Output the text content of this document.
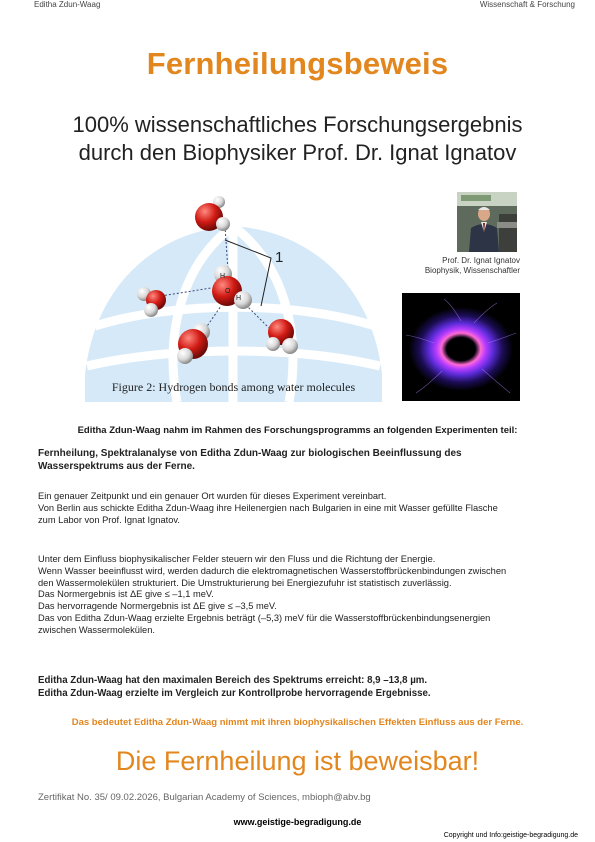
Editha Zdun-Waag	Wissenschaft & Forschung
Fernheilungsbeweis
100% wissenschaftliches Forschungsergebnis
durch den Biophysiker Prof. Dr. Ignat Ignatov
1
H
O
H
Figure 2: Hydrogen bonds among water molecules
Prof. Dr. Ignat Ignatov
Biophysik, Wissenschaftler
Editha Zdun-Waag nahm im Rahmen des Forschungsprogramms an folgenden Experimenten teil:
Fernheilung, Spektralanalyse von Editha Zdun-Waag zur biologischen Beeinflussung des
Wasserspektrums aus der Ferne.
Ein genauer Zeitpunkt und ein genauer Ort wurden für dieses Experiment vereinbart.
Von Berlin aus schickte Editha Zdun-Waag ihre Heilenergien nach Bulgarien in eine mit Wasser gefüllte Flasche
zum Labor von Prof. Ignat Ignatov.
Unter dem Einfluss biophysikalischer Felder steuern wir den Fluss und die Richtung der Energie.
Wenn Wasser beeinflusst wird, werden dadurch die elektromagnetischen Wasserstoffbrückenbindungen zwischen
den Wassermolekülen strukturiert. Die Umstrukturierung bei Energiezufuhr ist statistisch zuverlässig.
Das Normergebnis ist ΔE give ≤ –1,1 meV.
Das hervorragende Normergebnis ist ΔE give ≤ –3,5 meV.
Das von Editha Zdun-Waag erzielte Ergebnis beträgt (–5,3) meV für die Wasserstoffbrückenbindungsenergien
zwischen Wassermolekülen.
Editha Zdun-Waag hat den maximalen Bereich des Spektrums erreicht: 8,9 –13,8 µm.
Editha Zdun-Waag erzielte im Vergleich zur Kontrollprobe hervorragende Ergebnisse.
Das bedeutet Editha Zdun-Waag nimmt mit ihren biophysikalischen Effekten Einfluss aus der Ferne.
Die Fernheilung ist beweisbar!
Zertifikat No. 35/ 09.02.2026, Bulgarian Academy of Sciences, mbioph@abv.bg
www.geistige-begradigung.de
Copyright und Info:geistige-begradigung.de
